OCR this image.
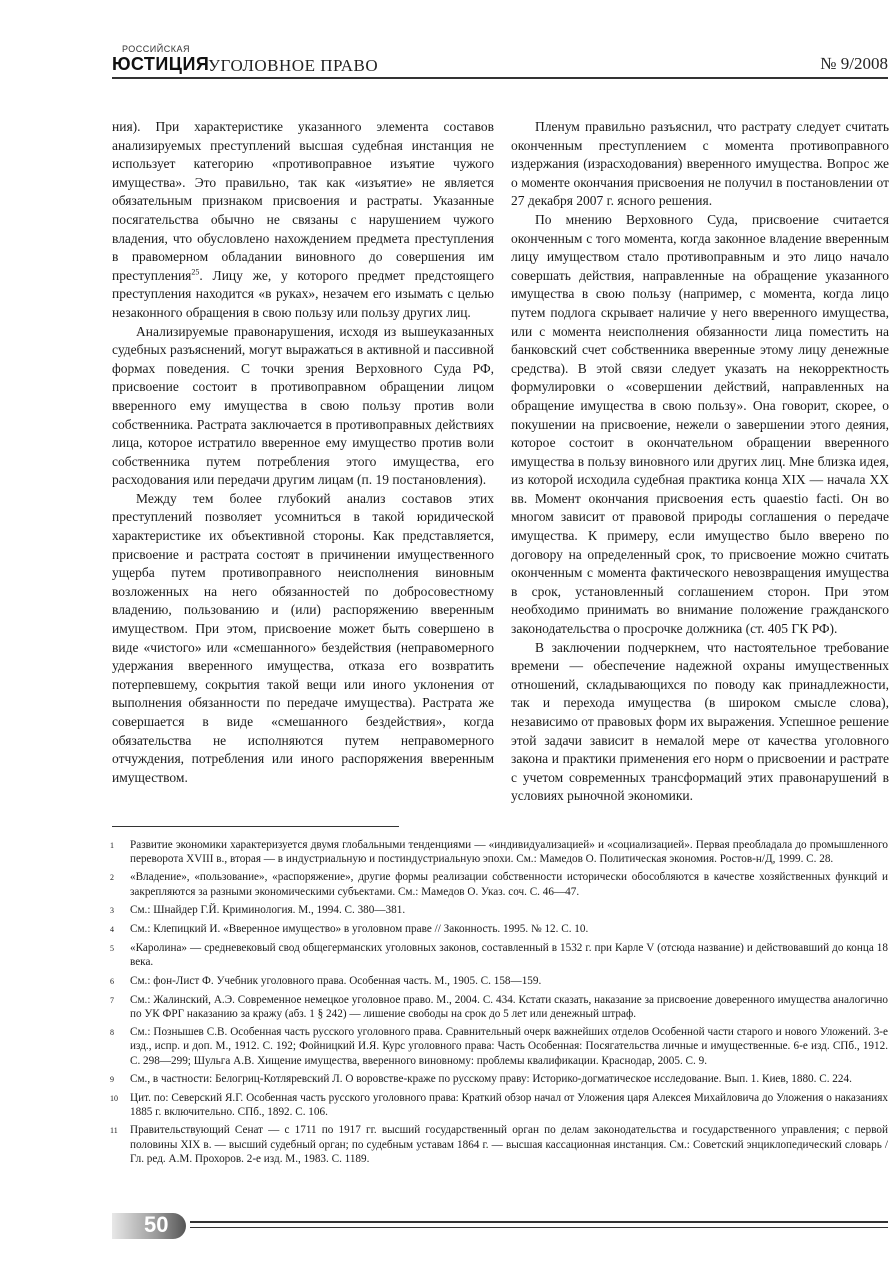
РОССИЙСКАЯ
ЮСТИЦИЯ
УГОЛОВНОЕ ПРАВО	№ 9/2008

ния). При характеристике указанного элемента составов анализируемых преступлений высшая судебная инстанция не использует категорию «противоправное изъятие чужого имущества». Это правильно, так как «изъятие» не является обязательным признаком присвоения и растраты. Указанные посягательства обычно не связаны с нарушением чужого владения, что обусловлено нахождением предмета преступления в правомерном обладании виновного до совершения им преступления$^{25}$. Лицу же, у которого предмет предстоящего преступления находится «в руках», незачем его изымать с целью незаконного обращения в свою пользу или пользу других лиц.

Анализируемые правонарушения, исходя из вышеуказанных судебных разъяснений, могут выражаться в активной и пассивной формах поведения. С точки зрения Верховного Суда РФ, присвоение состоит в противоправном обращении лицом вверенного ему имущества в свою пользу против воли собственника. Растрата заключается в противоправных действиях лица, которое истратило вверенное ему имущество против воли собственника путем потребления этого имущества, его расходования или передачи другим лицам (п. 19 постановления).

Между тем более глубокий анализ составов этих преступлений позволяет усомниться в такой юридической характеристике их объективной стороны. Как представляется, присвоение и растрата состоят в причинении имущественного ущерба путем противоправного неисполнения виновным возложенных на него обязанностей по добросовестному владению, пользованию и (или) распоряжению вверенным имуществом. При этом, присвоение может быть совершено в виде «чистого» или «смешанного» бездействия (неправомерного удержания вверенного имущества, отказа его возвратить потерпевшему, сокрытия такой вещи или иного уклонения от выполнения обязанности по передаче имущества). Растрата же совершается в виде «смешанного бездействия», когда обязательства не исполняются путем неправомерного отчуждения, потребления или иного распоряжения вверенным имуществом.

Пленум правильно разъяснил, что растрату следует считать оконченным преступлением с момента противоправного издержания (израсходования) вверенного имущества. Вопрос же о моменте окончания присвоения не получил в постановлении от 27 декабря 2007 г. ясного решения.

По мнению Верховного Суда, присвоение считается оконченным с того момента, когда законное владение вверенным лицу имуществом стало противоправным и это лицо начало совершать действия, направленные на обращение указанного имущества в свою пользу (например, с момента, когда лицо путем подлога скрывает наличие у него вверенного имущества, или с момента неисполнения обязанности лица поместить на банковский счет собственника вверенные этому лицу денежные средства). В этой связи следует указать на некорректность формулировки о «совершении действий, направленных на обращение имущества в свою пользу». Она говорит, скорее, о покушении на присвоение, нежели о завершении этого деяния, которое состоит в окончательном обращении вверенного имущества в пользу виновного или других лиц. Мне близка идея, из которой исходила судебная практика конца XIX — начала XX вв. Момент окончания присвоения есть quaestio facti. Он во многом зависит от правовой природы соглашения о передаче имущества. К примеру, если имущество было вверено по договору на определенный срок, то присвоение можно считать оконченным с момента фактического невозвращения имущества в срок, установленный соглашением сторон. При этом необходимо принимать во внимание положение гражданского законодательства о просрочке должника (ст. 405 ГК РФ).

В заключении подчеркнем, что настоятельное требование времени — обеспечение надежной охраны имущественных отношений, складывающихся по поводу как принадлежности, так и перехода имущества (в широком смысле слова), независимо от правовых форм их выражения. Успешное решение этой задачи зависит в немалой мере от качества уголовного закона и практики применения его норм о присвоении и растрате с учетом современных трансформаций этих правонарушений в условиях рыночной экономики.

1	Развитие экономики характеризуется двумя глобальными тенденциями — «индивидуализацией» и «социализацией». Первая преобладала до промышленного переворота XVIII в., вторая — в индустриальную и постиндустриальную эпохи. См.: Мамедов О. Политическая экономия. Ростов-н/Д, 1999. С. 28.
2	«Владение», «пользование», «распоряжение», другие формы реализации собственности исторически обособляются в качестве хозяйственных функций и закрепляются за разными экономическими субъектами. См.: Мамедов О. Указ. соч. С. 46—47.
3	См.: Шнайдер Г.Й. Криминология. М., 1994. С. 380—381.
4	См.: Клепицкий И. «Вверенное имущество» в уголовном праве // Законность. 1995. № 12. С. 10.
5	«Каролина» — средневековый свод общегерманских уголовных законов, составленный в 1532 г. при Карле V (отсюда название) и действовавший до конца 18 века.
6	См.: фон-Лист Ф. Учебник уголовного права. Особенная часть. М., 1905. С. 158—159.
7	См.: Жалинский, А.Э. Современное немецкое уголовное право. М., 2004. С. 434. Кстати сказать, наказание за присвоение доверенного имущества аналогично по УК ФРГ наказанию за кражу (абз. 1 § 242) — лишение свободы на срок до 5 лет или денежный штраф.
8	См.: Познышев С.В. Особенная часть русского уголовного права. Сравнительный очерк важнейших отделов Особенной части старого и нового Уложений. 3-е изд., испр. и доп. М., 1912. С. 192; Фойницкий И.Я. Курс уголовного права: Часть Особенная: Посягательства личные и имущественные. 6-е изд. СПб., 1912. С. 298—299; Шульга А.В. Хищение имущества, вверенного виновному: проблемы квалификации. Краснодар, 2005. С. 9.
9	См., в частности: Белогриц-Котляревский Л. О воровстве-краже по русскому праву: Историко-догматическое исследование. Вып. 1. Киев, 1880. С. 224.
10	Цит. по: Северский Я.Г. Особенная часть русского уголовного права: Краткий обзор начал от Уложения царя Алексея Михайловича до Уложения о наказаниях 1885 г. включительно. СПб., 1892. С. 106.
11	Правительствующий Сенат — с 1711 по 1917 гг. высший государственный орган по делам законодательства и государственного управления; с первой половины XIX в. — высший судебный орган; по судебным уставам 1864 г. — высшая кассационная инстанция. См.: Советский энциклопедический словарь / Гл. ред. А.М. Прохоров. 2-е изд. М., 1983. С. 1189.
50
